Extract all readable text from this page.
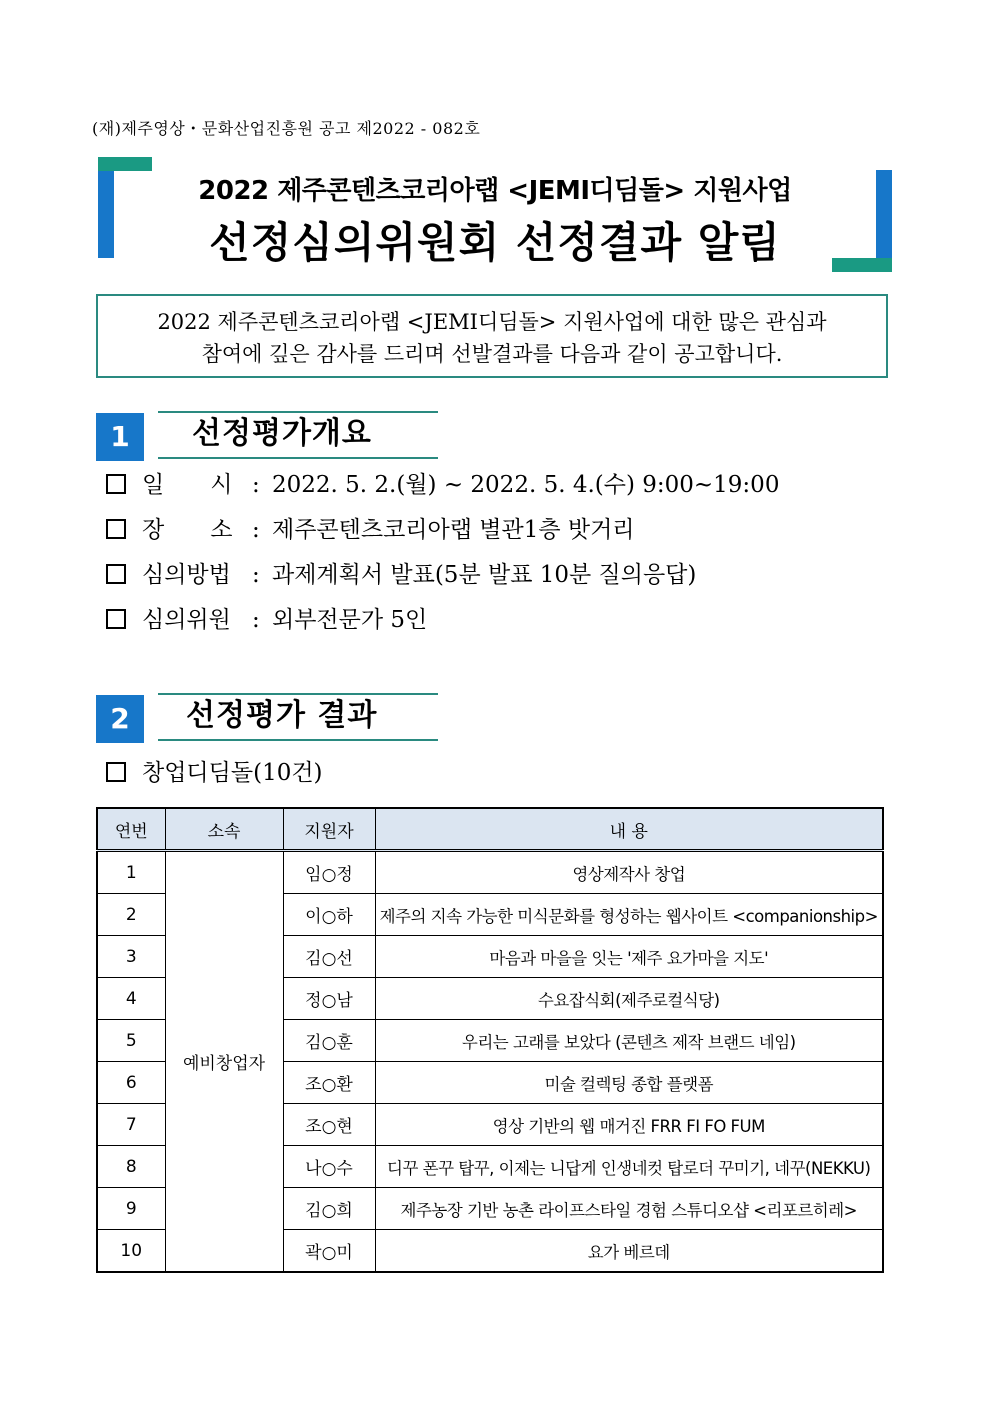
(재)제주영상・문화산업진흥원 공고 제2022 - 082호
2022 제주콘텐츠코리아랩 <JEMI디딤돌> 지원사업
선정심의위원회 선정결과 알림
2022 제주콘텐츠코리아랩 <JEMI디딤돌> 지원사업에 대한 많은 관심과
참여에 깊은 감사를 드리며 선발결과를 다음과 같이 공고합니다.
1	선정평가개요
일　　시 : 2022. 5. 2.(월) ~ 2022. 5. 4.(수) 9:00~19:00
장　　소 : 제주콘텐츠코리아랩 별관1층 밧거리
심의방법 : 과제계획서 발표(5분 발표 10분 질의응답)
심의위원 : 외부전문가 5인
2	선정평가 결과
창업디딤돌(10건)
연번	소속	지원자	내 용
1	예비창업자	임○정	영상제작사 창업
2		이○하	제주의 지속 가능한 미식문화를 형성하는 웹사이트 <companionship>
3		김○선	마음과 마을을 잇는 '제주 요가마을 지도'
4		정○남	수요잡식회(제주로컬식당)
5		김○훈	우리는 고래를 보았다 (콘텐츠 제작 브랜드 네임)
6		조○환	미술 컬렉팅 종합 플랫폼
7		조○현	영상 기반의 웹 매거진 FRR FI FO FUM
8		나○수	디꾸 폰꾸 탑꾸, 이제는 니답게 인생네컷 탑로더 꾸미기, 네꾸(NEKKU)
9		김○희	제주농장 기반 농촌 라이프스타일 경험 스튜디오샵 <리포르히레>
10		곽○미	요가 베르데
